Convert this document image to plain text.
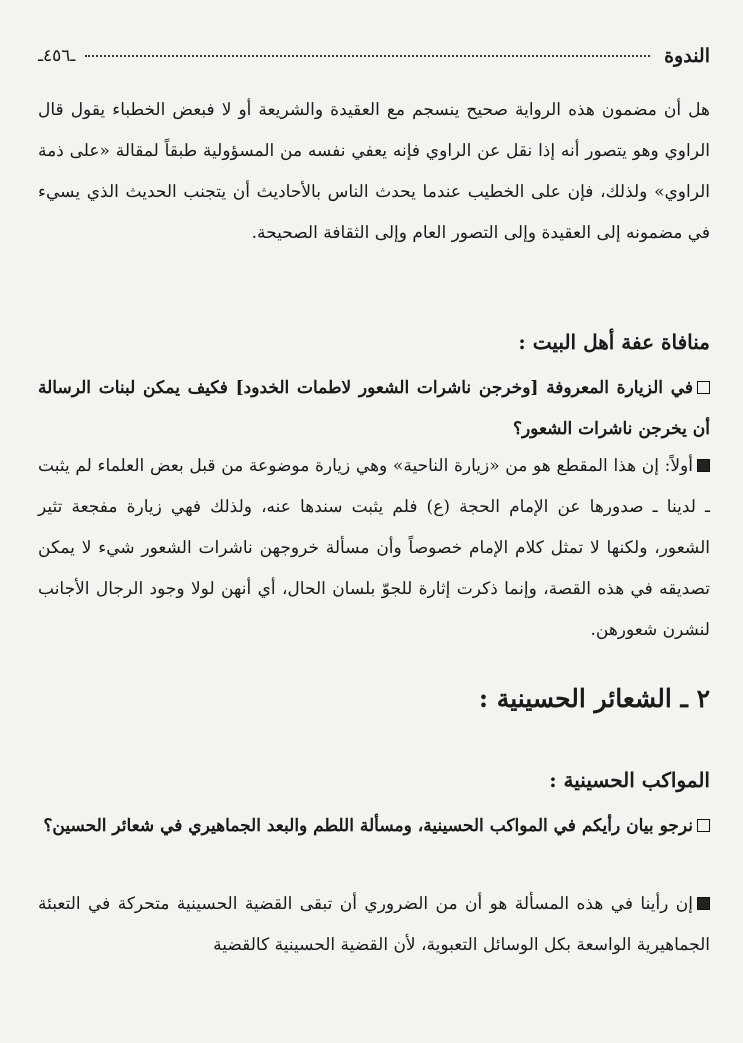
الندوة
ـ٤٥٦ـ

هل أن مضمون هذه الرواية صحيح ينسجم مع العقيدة والشريعة أو لا فبعض الخطباء يقول قال الراوي وهو يتصور أنه إذا نقل عن الراوي فإنه يعفي نفسه من المسؤولية طبقاً لمقالة «على ذمة الراوي» ولذلك، فإن على الخطيب عندما يحدث الناس بالأحاديث أن يتجنب الحديث الذي يسيء في مضمونه إلى العقيدة وإلى التصور العام وإلى الثقافة الصحيحة.

منافاة عفة أهل البيت :

في الزيارة المعروفة [وخرجن ناشرات الشعور لاطمات الخدود] فكيف يمكن لبنات الرسالة أن يخرجن ناشرات الشعور؟

أولاً: إن هذا المقطع هو من «زيارة الناحية» وهي زيارة موضوعة من قبل بعض العلماء لم يثبت ـ لدينا ـ صدورها عن الإمام الحجة (ع) فلم يثبت سندها عنه، ولذلك فهي زيارة مفجعة تثير الشعور، ولكنها لا تمثل كلام الإمام خصوصاً وأن مسألة خروجهن ناشرات الشعور شيء لا يمكن تصديقه في هذه القصة، وإنما ذكرت إثارة للجوّ بلسان الحال، أي أنهن لولا وجود الرجال الأجانب لنشرن شعورهن.

٢ ـ الشعائر الحسينية :
المواكب الحسينية :

نرجو بيان رأيكم في المواكب الحسينية، ومسألة اللطم والبعد الجماهيري في شعائر الحسين؟

إن رأينا في هذه المسألة هو أن من الضروري أن تبقى القضية الحسينية متحركة في التعبئة الجماهيرية الواسعة بكل الوسائل التعبوية، لأن القضية الحسينية كالقضية
